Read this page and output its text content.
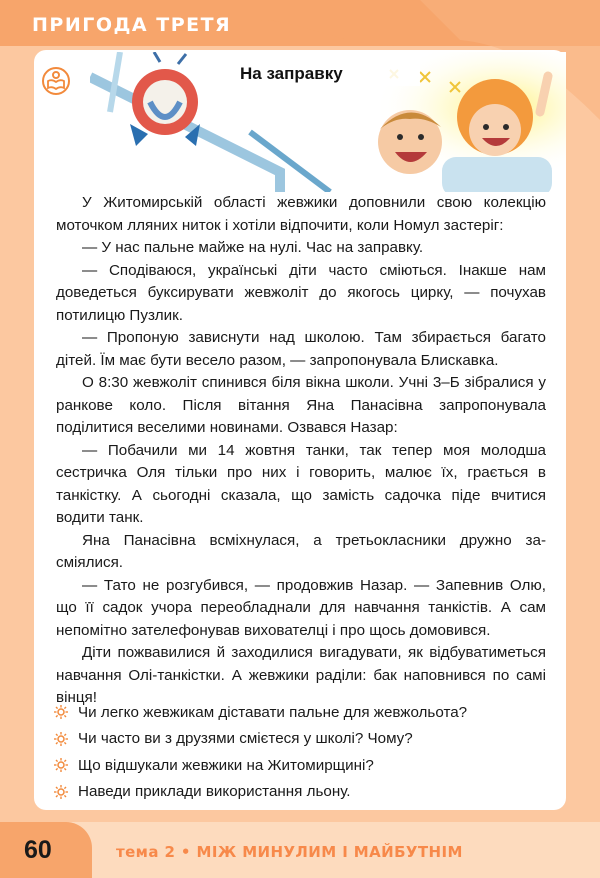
ПРИГОДА ТРЕТЯ
На заправку

У Житомирській області жевжики доповнили свою колекцію моточком лляних ниток і хотіли відпочити, коли Номул застеріг:

— У нас пальне майже на нулі. Час на заправку.

— Сподіваюся, українські діти часто сміються. Інакше нам доведеться буксирувати жевжоліт до якогось цирку, — почухав потилицю Пузлик.

— Пропоную зависнути над школою. Там збирається багато дітей. Їм має бути весело разом, — запропонувала Блискавка.

О 8:30 жевжоліт спинився біля вікна школи. Учні 3–Б зібралися у ранкове коло. Після вітання Яна Панасівна запропонувала поділитися веселими новинами. Озвався Назар:

— Побачили ми 14 жовтня танки, так тепер моя молодша сестричка Оля тільки про них і говорить, малює їх, грається в танкістку. А сьогодні сказала, що замість садочка піде вчитися водити танк.

Яна Панасівна всміхнулася, а третьокласники дружно засміялися.

— Тато не розгубився, — продовжив Назар. — Запевнив Олю, що її садок учора переобладнали для навчання танкістів. А сам непомітно зателефонував вихователці і про щось домовився.

Діти пожвавилися й заходилися вигадувати, як відбуватиметься навчання Олі-танкістки. А жевжики раділи: бак наповнився по самі вінця!

Чи легко жевжикам діставати пальне для жевжольота?
Чи часто ви з друзями смієтеся у школі? Чому?
Що відшукали жевжики на Житомирщині?
Наведи приклади використання льону.
60	тема 2 • МІЖ МИНУЛИМ І МАЙБУТНІМ
